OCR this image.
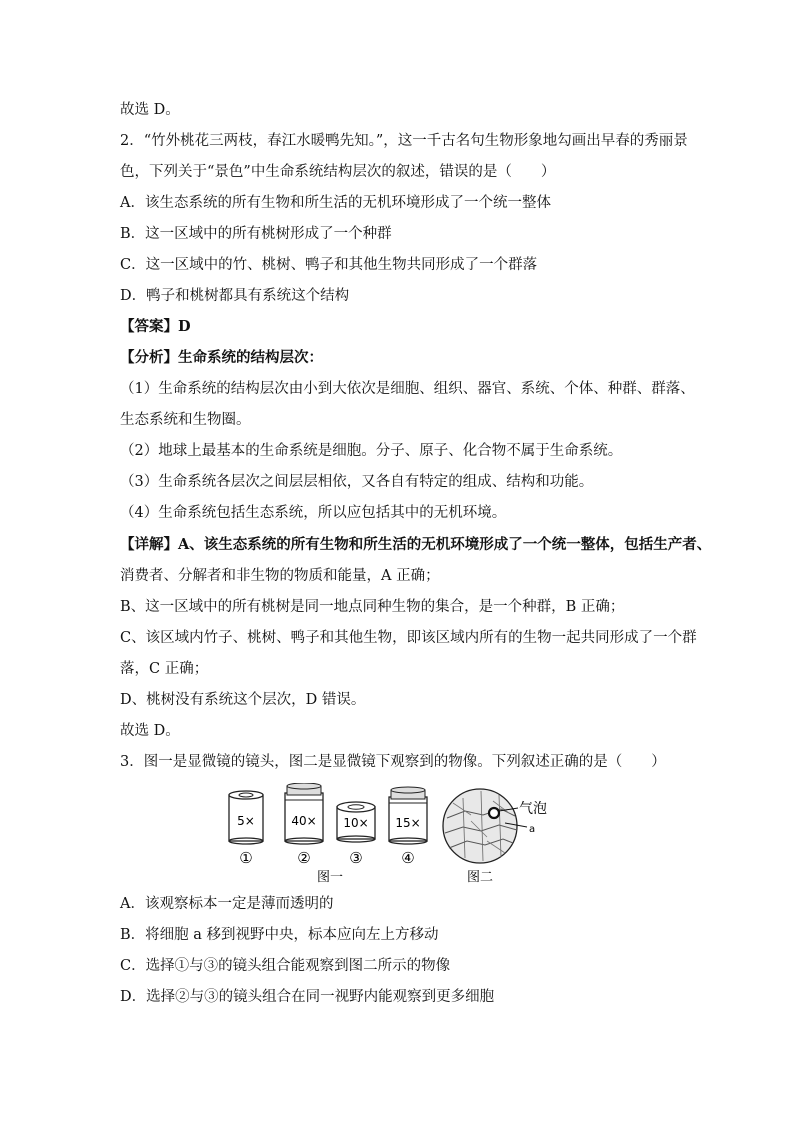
故选 D。
2．“竹外桃花三两枝，春江水暖鸭先知。”，这一千古名句生物形象地勾画出早春的秀丽景
色，下列关于“景色”中生命系统结构层次的叙述，错误的是（　　）
A．该生态系统的所有生物和所生活的无机环境形成了一个统一整体
B．这一区域中的所有桃树形成了一个种群
C．这一区域中的竹、桃树、鸭子和其他生物共同形成了一个群落
D．鸭子和桃树都具有系统这个结构
【答案】D
【分析】生命系统的结构层次：
（1）生命系统的结构层次由小到大依次是细胞、组织、器官、系统、个体、种群、群落、
生态系统和生物圈。
（2）地球上最基本的生命系统是细胞。分子、原子、化合物不属于生命系统。
（3）生命系统各层次之间层层相依，又各自有特定的组成、结构和功能。
（4）生命系统包括生态系统，所以应包括其中的无机环境。
【详解】A、该生态系统的所有生物和所生活的无机环境形成了一个统一整体，包括生产者、
消费者、分解者和非生物的物质和能量，A 正确；
B、这一区域中的所有桃树是同一地点同种生物的集合，是一个种群，B 正确；
C、该区域内竹子、桃树、鸭子和其他生物，即该区域内所有的生物一起共同形成了一个群
落，C 正确；
D、桃树没有系统这个层次，D 错误。
故选 D。
3．图一是显微镜的镜头，图二是显微镜下观察到的物像。下列叙述正确的是（　　）
5×
①
40×
②
10×
③
15×
④
图一
气泡
a
图二
A．该观察标本一定是薄而透明的
B．将细胞 a 移到视野中央，标本应向左上方移动
C．选择①与③的镜头组合能观察到图二所示的物像
D．选择②与③的镜头组合在同一视野内能观察到更多细胞
